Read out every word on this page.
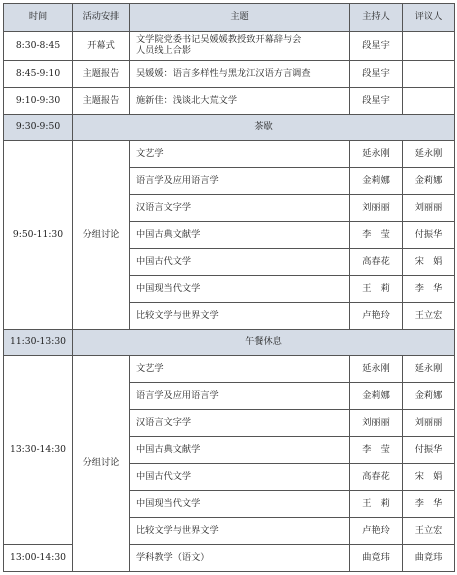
时间	活动安排	主题	主持人	评议人
8:30-8:45	开幕式	文学院党委书记吴媛媛教授致开幕辞与会人员线上合影	段星宇	
8:45-9:10	主题报告	吴媛媛：语言多样性与黑龙江汉语方言调查	段星宇	
9:10-9:30	主题报告	施新佳：浅谈北大荒文学	段星宇	
9:30-9:50	茶歇			
9:50-11:30	分组讨论	文艺学	延永刚	延永刚
		语言学及应用语言学	金莉娜	金莉娜
		汉语言文字学	刘丽丽	刘丽丽
		中国古典文献学	李　莹	付振华
		中国古代文学	高春花	宋　娟
		中国现当代文学	王　莉	李　华
		比较文学与世界文学	卢艳玲	王立宏
11:30-13:30	午餐休息			
13:30-14:30	分组讨论	文艺学	延永刚	延永刚
		语言学及应用语言学	金莉娜	金莉娜
		汉语言文字学	刘丽丽	刘丽丽
		中国古典文献学	李　莹	付振华
		中国古代文学	高春花	宋　娟
		中国现当代文学	王　莉	李　华
		比较文学与世界文学	卢艳玲	王立宏
13:00-14:30		学科教学（语文）	曲竟玮	曲竟玮
